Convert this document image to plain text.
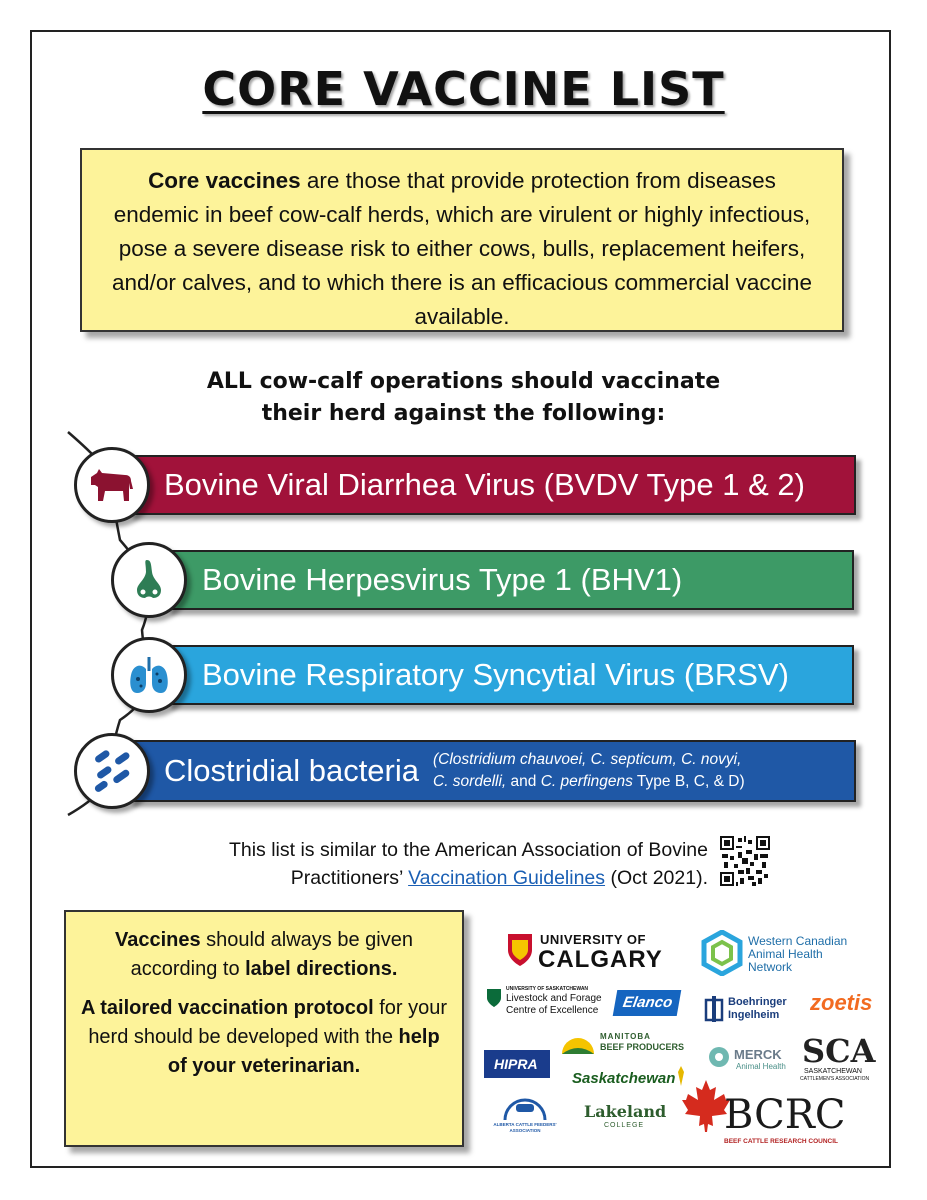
CORE VACCINE LIST
Core vaccines are those that provide protection from diseases endemic in beef cow-calf herds, which are virulent or highly infectious, pose a severe disease risk to either cows, bulls, replacement heifers, and/or calves, and to which there is an efficacious commercial vaccine available.
ALL cow-calf operations should vaccinate
their herd against the following:
Bovine Viral Diarrhea Virus (BVDV Type 1 & 2)
Bovine Herpesvirus Type 1 (BHV1)
Bovine Respiratory Syncytial Virus (BRSV)
Clostridial bacteria (Clostridium chauvoei, C. septicum, C. novyi,
C. sordelli, and C. perfingens Type B, C, & D)
This list is similar to the American Association of Bovine
Practitioners’ Vaccination Guidelines (Oct 2021).

Vaccines should always be given according to label directions.

A tailored vaccination protocol for your herd should be developed with the help of your veterinarian.

UNIVERSITY OF
CALGARY
Western Canadian
Animal Health
Network
UNIVERSITY OF SASKATCHEWAN
Livestock and Forage
Centre of Excellence Elanco	Boehringer
Ingelheim zoetis
MANITOBA
BEEF PRODUCERS
HIPRA
MERCK
Animal Health SCA
SASKATCHEWAN
CATTLEMEN'S ASSOCIATION
Saskatchewan
ALBERTA CATTLE FEEDERS' ASSOCIATION
Lakeland
COLLEGE BCRC
BEEF CATTLE RESEARCH COUNCIL
